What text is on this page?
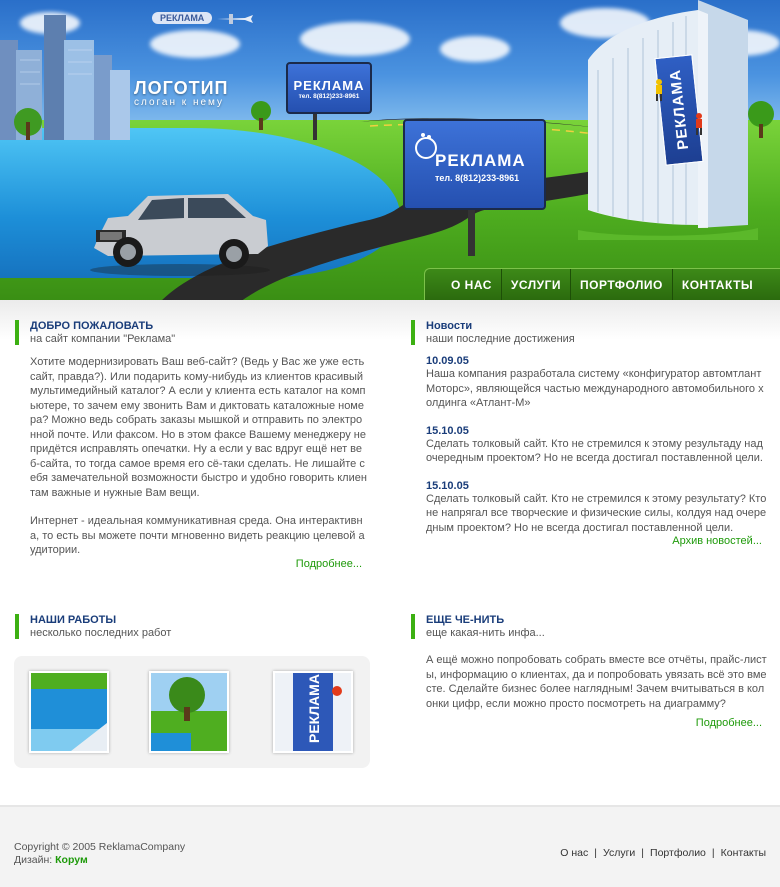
РЕКЛАМА
РЕКЛАМА
тел. 8(812)233-8961
РЕКЛАМА
тел. 8(812)233-8961
РЕКЛАМА
ЛОГОТИП
слоган к нему
О НАС	УСЛУГИ	ПОРТФОЛИО	КОНТАКТЫ
ДОБРО ПОЖАЛОВАТЬ
на сайт компании "Реклама"

Хотите модернизировать Ваш веб-сайт? (Ведь у Вас же уже есть сайт, правда?). Или подарить кому-нибудь из клиентов красивый мультимедийный каталог? А если у клиента есть каталог на компьютере, то зачем ему звонить Вам и диктовать каталожные номера? Можно ведь собрать заказы мышкой и отправить по электронной почте. Или факсом. Но в этом факсе Вашему менеджеру не придётся исправлять опечатки. Ну а если у вас вдруг ещё нет веб-сайта, то тогда самое время его сё-таки сделать. Не лишайте себя замечательной возможности быстро и удобно говорить клиентам важные и нужные Вам вещи.

Интернет - идеальная коммуникативная среда. Она интерактивна, то есть вы можете почти мгновенно видеть реакцию целевой аудитории.

Подробнее...
Новости
наши последние достижения
10.09.05
Наша компания разработала систему «конфигуратор автомтлант Моторс», являющейся частью международного автомобильного холдинга «Атлант-М»
15.10.05
Сделать толковый сайт. Кто не стремился к этому результаду над очередным проектом? Но не всегда достигал поставленной цели.
15.10.05
Сделать толковый сайт. Кто не стремился к этому результату? Кто не напрягал все творческие и физические силы, колдуя над очередным проектом? Но не всегда достигал поставленной цели.
Архив новостей...
НАШИ РАБОТЫ
несколько последних работ
РЕКЛАМА
ЕЩЕ ЧЕ-НИТЬ
еще какая-нить инфа...

А ещё можно попробовать собрать вместе все отчёты, прайс-листы, информацию о клиентах, да и попробовать увязать всё это вместе. Сделайте бизнес более наглядным! Зачем вчитываться в колонки цифр, если можно просто посмотреть на диаграмму?

Подробнее...
Copyright © 2005 ReklamaCompany
Дизайн: Корум
О нас | Услуги | Портфолио | Контакты
